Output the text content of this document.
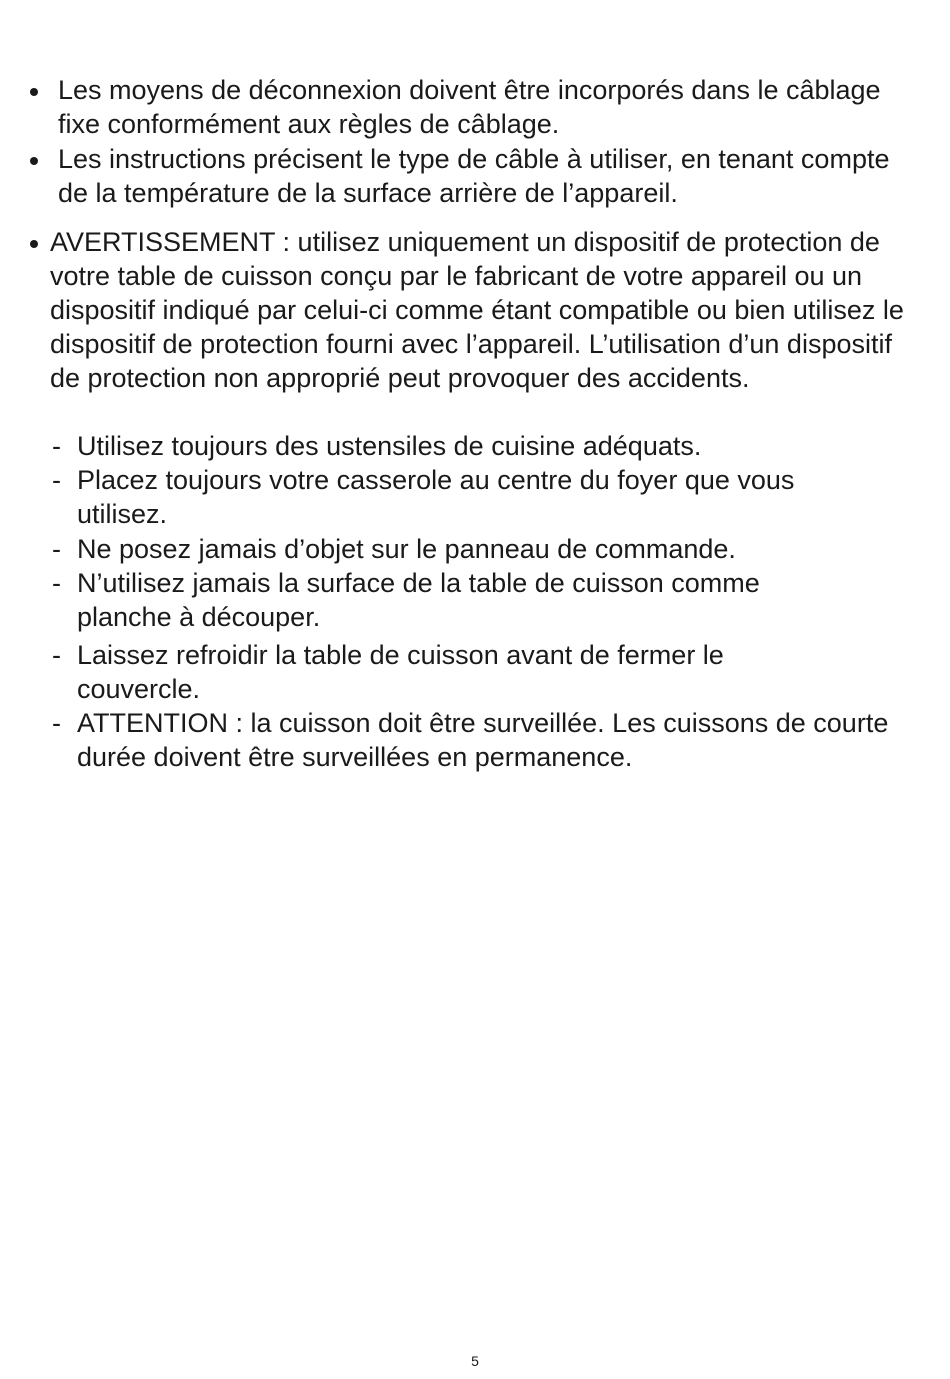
Les moyens de déconnexion doivent être incorporés dans le câblage fixe conformément aux règles de câblage.
Les instructions précisent le type de câble à utiliser, en tenant compte de la température de la surface arrière de l’appareil.
AVERTISSEMENT : utilisez uniquement un dispositif de protection de votre table de cuisson conçu par le fabricant de votre appareil ou un dispositif indiqué par celui-ci comme étant compatible ou bien utilisez le dispositif de protection fourni avec l’appareil. L’utilisation d’un dispositif de protection non approprié peut provoquer des accidents.
- Utilisez toujours des ustensiles de cuisine adéquats.
- Placez toujours votre casserole au centre du foyer que vous utilisez.
- Ne posez jamais d’objet sur le panneau de commande.
- N’utilisez jamais la surface de la table de cuisson comme planche à découper.
- Laissez refroidir la table de cuisson avant de fermer le couvercle.
- ATTENTION : la cuisson doit être surveillée. Les cuissons de courte durée doivent être surveillées en permanence.
5
